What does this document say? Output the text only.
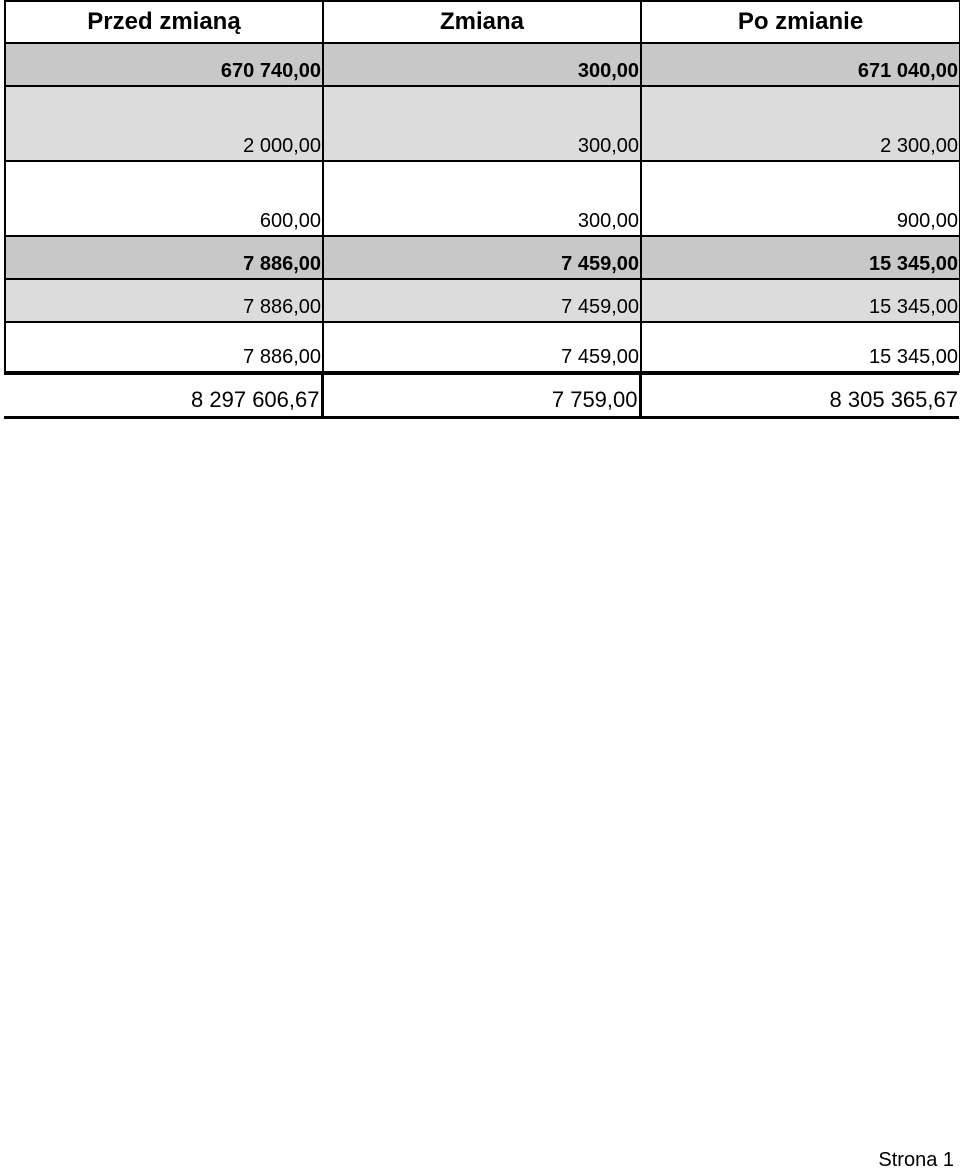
Przed zmianą	Zmiana	Po zmianie
670 740,00	300,00	671 040,00
2 000,00	300,00	2 300,00
600,00	300,00	900,00
7 886,00	7 459,00	15 345,00
7 886,00	7 459,00	15 345,00
7 886,00	7 459,00	15 345,00
8 297 606,67	7 759,00	8 305 365,67
Strona 1
